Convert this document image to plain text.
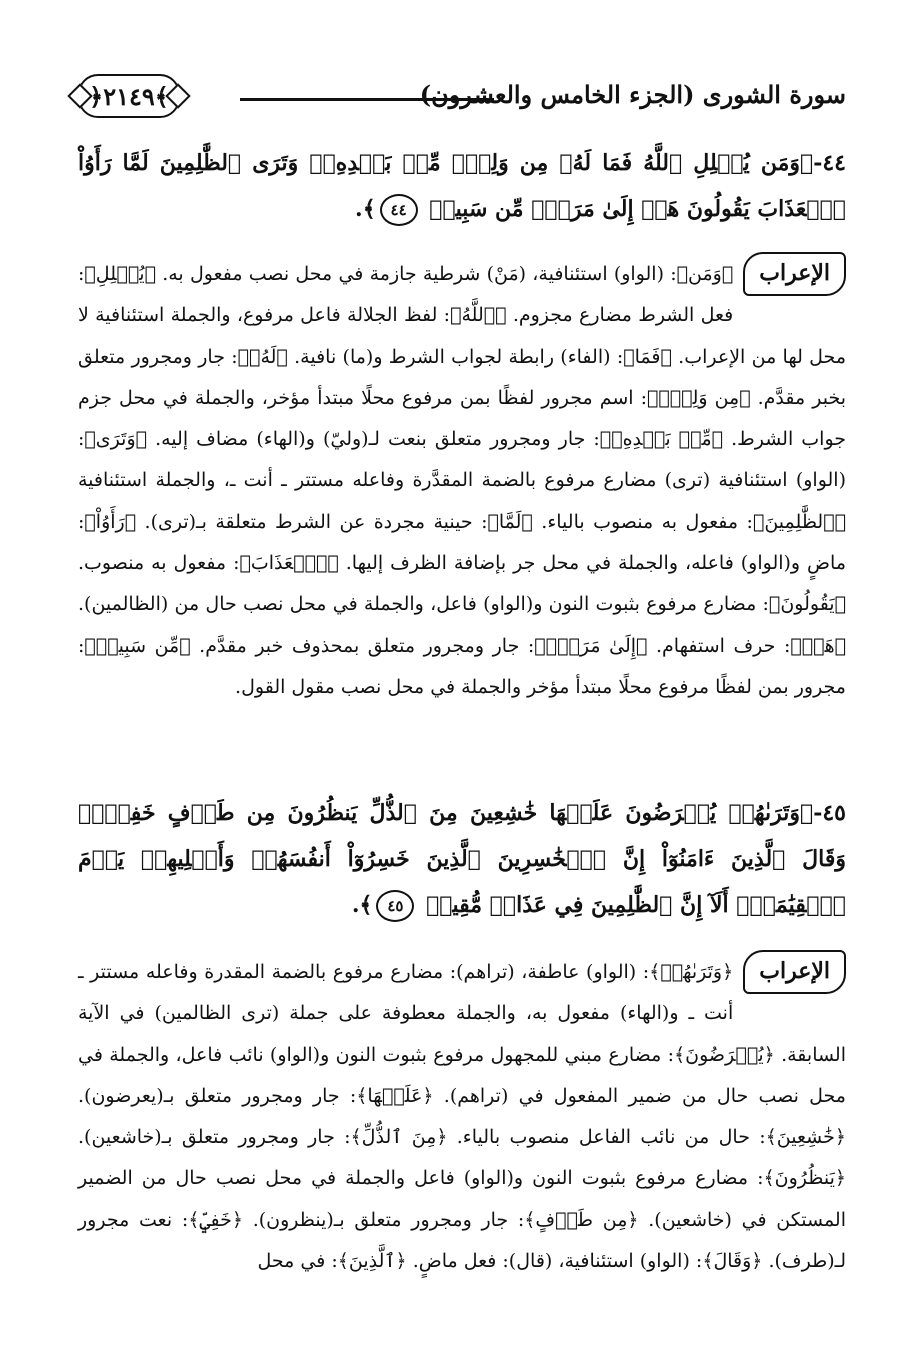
سورة الشورى (الجزء الخامس والعشرون)
﴿٢١٤٩﴾
٤٤-﴿وَمَن يُضۡلِلِ ٱللَّهُ فَمَا لَهُۥ مِن وَلِيّٖ مِّنۢ بَعۡدِهِۦۗ وَتَرَى ٱلظَّٰلِمِينَ لَمَّا رَأَوُاْ ٱلۡعَذَابَ يَقُولُونَ هَلۡ إِلَىٰ مَرَدّٖ مِّن سَبِيلٖ ٤٤﴾.
الإعراب

﴿وَمَن﴾: (الواو) استئنافية، (مَنْ) شرطية جازمة في محل نصب مفعول به. ﴿يُضۡلِلِ﴾: فعل الشرط مضارع مجزوم. ﴿ٱللَّهُ﴾: لفظ الجلالة فاعل مرفوع، والجملة استئنافية لا محل لها من الإعراب. ﴿فَمَا﴾: (الفاء) رابطة لجواب الشرط و(ما) نافية. ﴿لَهُۥ﴾: جار ومجرور متعلق بخبر مقدَّم. ﴿مِن وَلِيّٖ﴾: اسم مجرور لفظًا بمن مرفوع محلًا مبتدأ مؤخر، والجملة في محل جزم جواب الشرط. ﴿مِّنۢ بَعۡدِهِۦ﴾: جار ومجرور متعلق بنعت لـ(وليّ) و(الهاء) مضاف إليه. ﴿وَتَرَى﴾: (الواو) استئنافية (ترى) مضارع مرفوع بالضمة المقدَّرة وفاعله مستتر ـ أنت ـ، والجملة استئنافية ﴿ٱلظَّٰلِمِينَ﴾: مفعول به منصوب بالياء. ﴿لَمَّا﴾: حينية مجردة عن الشرط متعلقة بـ(ترى). ﴿رَأَوُاْ﴾: ماضٍ و(الواو) فاعله، والجملة في محل جر بإضافة الظرف إليها. ﴿ٱلۡعَذَابَ﴾: مفعول به منصوب. ﴿يَقُولُونَ﴾: مضارع مرفوع بثبوت النون و(الواو) فاعل، والجملة في محل نصب حال من (الظالمين). ﴿هَلۡ﴾: حرف استفهام. ﴿إِلَىٰ مَرَدّٖ﴾: جار ومجرور متعلق بمحذوف خبر مقدَّم. ﴿مِّن سَبِيلٖ﴾: مجرور بمن لفظًا مرفوع محلًا مبتدأ مؤخر والجملة في محل نصب مقول القول.

٤٥-﴿وَتَرَىٰهُمۡ يُعۡرَضُونَ عَلَيۡهَا خَٰشِعِينَ مِنَ ٱلذُّلِّ يَنظُرُونَ مِن طَرۡفٍ خَفِيّٖۗ وَقَالَ ٱلَّذِينَ ءَامَنُوٓاْ إِنَّ ٱلۡخَٰسِرِينَ ٱلَّذِينَ خَسِرُوٓاْ أَنفُسَهُمۡ وَأَهۡلِيهِمۡ يَوۡمَ ٱلۡقِيَٰمَةِۗ أَلَآ إِنَّ ٱلظَّٰلِمِينَ فِي عَذَابٖ مُّقِيمٖ ٤٥﴾.
الإعراب

﴿وَتَرَىٰهُمۡ﴾: (الواو) عاطفة، (تراهم): مضارع مرفوع بالضمة المقدرة وفاعله مستتر ـ أنت ـ و(الهاء) مفعول به، والجملة معطوفة على جملة (ترى الظالمين) في الآية السابقة. ﴿يُعۡرَضُونَ﴾: مضارع مبني للمجهول مرفوع بثبوت النون و(الواو) نائب فاعل، والجملة في محل نصب حال من ضمير المفعول في (تراهم). ﴿عَلَيۡهَا﴾: جار ومجرور متعلق بـ(يعرضون). ﴿خَٰشِعِينَ﴾: حال من نائب الفاعل منصوب بالياء. ﴿مِنَ ٱلذُّلِّ﴾: جار ومجرور متعلق بـ(خاشعين). ﴿يَنظُرُونَ﴾: مضارع مرفوع بثبوت النون و(الواو) فاعل والجملة في محل نصب حال من الضمير المستكن في (خاشعين). ﴿مِن طَرۡفٍ﴾: جار ومجرور متعلق بـ(ينظرون). ﴿خَفِيّٖ﴾: نعت مجرور لـ(طرف). ﴿وَقَالَ﴾: (الواو) استئنافية، (قال): فعل ماضٍ. ﴿ٱلَّذِينَ﴾: في محل
